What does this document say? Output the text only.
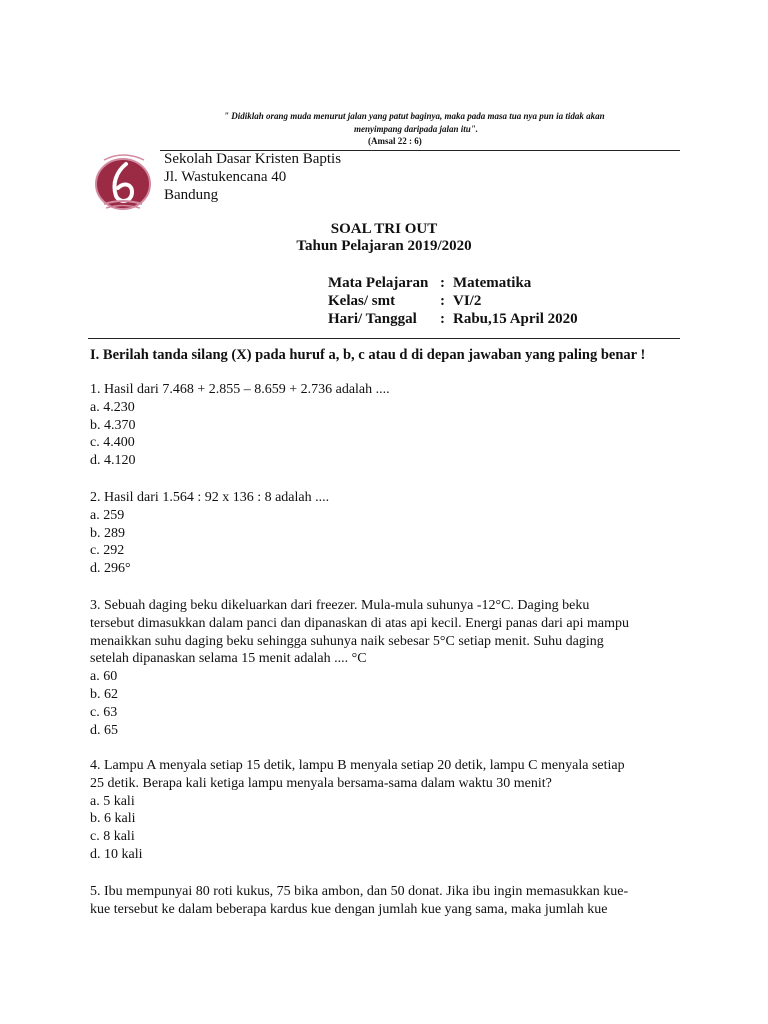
" Didiklah orang muda menurut jalan yang patut baginya, maka pada masa tua nya pun ia tidak akan

menyimpang daripada jalan itu".

(Amsal 22 : 6)

Sekolah Dasar Kristen Baptis

Jl. Wastukencana 40

Bandung

SOAL TRI OUT

Tahun Pelajaran 2019/2020

Mata Pelajaran : Matematika
Kelas/ smt	: VI/2
Hari/ Tanggal : Rabu,15 April 2020

I. Berilah tanda silang (X) pada huruf a, b, c atau d di depan jawaban yang paling benar !

1. Hasil dari 7.468 + 2.855 – 8.659 + 2.736 adalah ....
a. 4.230
b. 4.370
c. 4.400
d. 4.120
2. Hasil dari 1.564 : 92 x 136 : 8 adalah ....
a. 259
b. 289
c. 292
d. 296°
3. Sebuah daging beku dikeluarkan dari freezer. Mula-mula suhunya -12°C. Daging beku
tersebut dimasukkan dalam panci dan dipanaskan di atas api kecil. Energi panas dari api mampu
menaikkan suhu daging beku sehingga suhunya naik sebesar 5°C setiap menit. Suhu daging
setelah dipanaskan selama 15 menit adalah .... °C
a. 60
b. 62
c. 63
d. 65
4. Lampu A menyala setiap 15 detik, lampu B menyala setiap 20 detik, lampu C menyala setiap
25 detik. Berapa kali ketiga lampu menyala bersama-sama dalam waktu 30 menit?
a. 5 kali
b. 6 kali
c. 8 kali
d. 10 kali
5. Ibu mempunyai 80 roti kukus, 75 bika ambon, dan 50 donat. Jika ibu ingin memasukkan kue-
kue tersebut ke dalam beberapa kardus kue dengan jumlah kue yang sama, maka jumlah kue
